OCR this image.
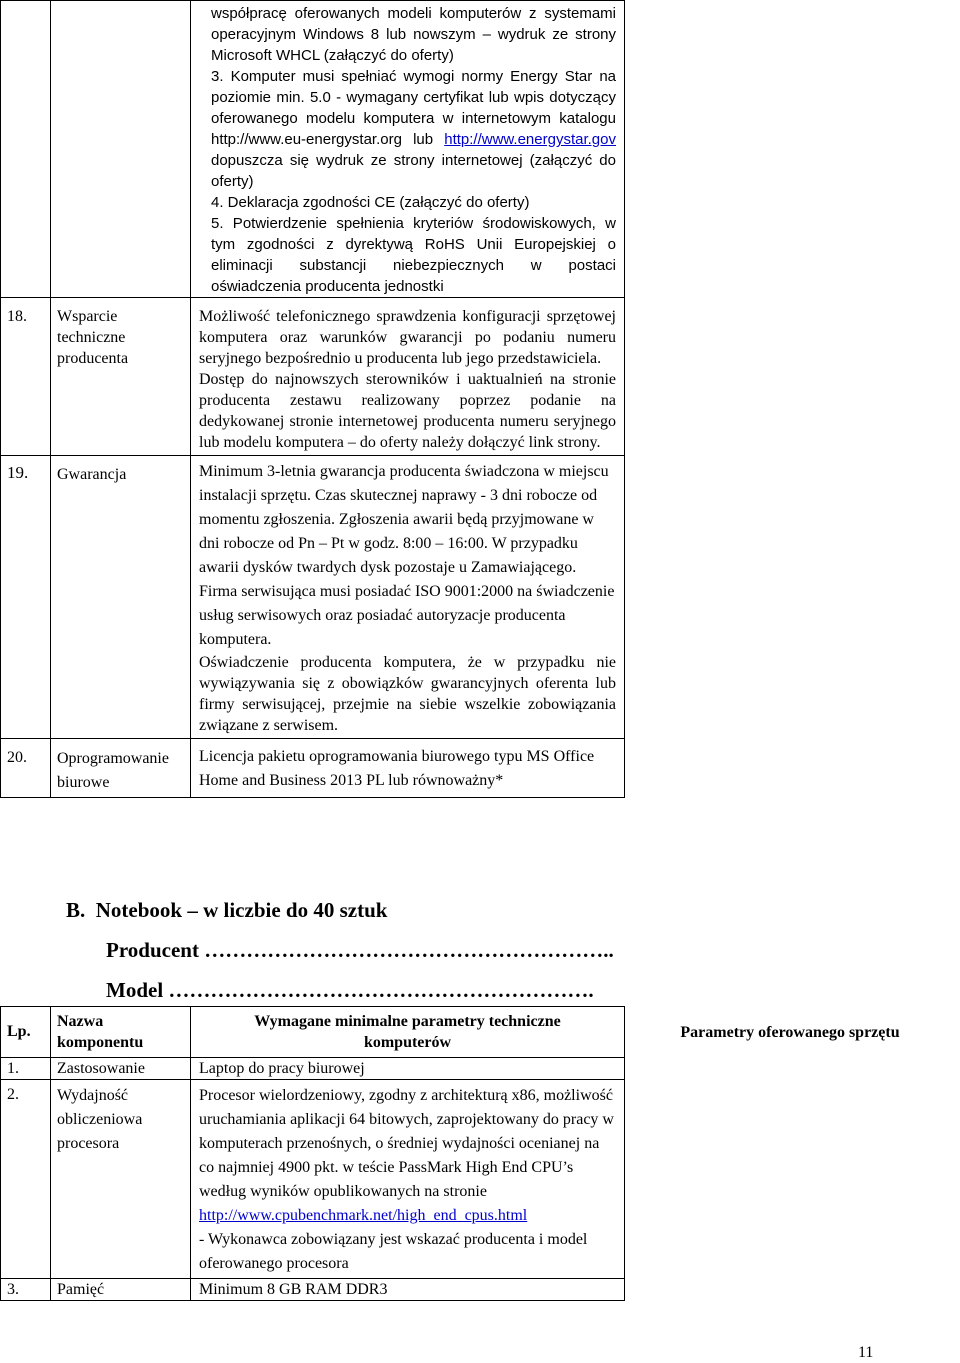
		współpracę oferowanych modeli komputerów z systemami operacyjnym Windows 8 lub nowszym – wydruk ze strony Microsoft WHCL (załączyć do oferty)
3. Komputer musi spełniać wymogi normy Energy Star na poziomie min. 5.0 - wymagany certyfikat lub wpis dotyczący oferowanego modelu komputera w internetowym katalogu http://www.eu-energystar.org lub http://www.energystar.gov dopuszcza się wydruk ze strony internetowej (załączyć do oferty)
4. Deklaracja zgodności CE (załączyć do oferty)
5. Potwierdzenie spełnienia kryteriów środowiskowych, w tym zgodności z dyrektywą RoHS Unii Europejskiej o eliminacji substancji niebezpiecznych w postaci oświadczenia producenta jednostki

18.	Wsparcie techniczne producenta	Możliwość telefonicznego sprawdzenia konfiguracji sprzętowej komputera oraz warunków gwarancji po podaniu numeru seryjnego bezpośrednio u producenta lub jego przedstawiciela.
Dostęp do najnowszych sterowników i uaktualnień na stronie producenta zestawu realizowany poprzez podanie na dedykowanej stronie internetowej producenta numeru seryjnego lub modelu komputera – do oferty należy dołączyć link strony.

19.	Gwarancja	Minimum 3-letnia gwarancja producenta świadczona w miejscu instalacji sprzętu. Czas skutecznej naprawy - 3 dni robocze od momentu zgłoszenia. Zgłoszenia awarii będą przyjmowane w dni robocze od Pn – Pt w godz. 8:00 – 16:00. W przypadku awarii dysków twardych dysk pozostaje u Zamawiającego. Firma serwisująca musi posiadać ISO 9001:2000 na świadczenie usług serwisowych oraz posiadać autoryzacje producenta komputera.
Oświadczenie producenta komputera, że w przypadku nie wywiązywania się z obowiązków gwarancyjnych oferenta lub firmy serwisującej, przejmie na siebie wszelkie zobowiązania związane z serwisem.

20.	Oprogramowanie biurowe	Licencja pakietu oprogramowania biurowego typu MS Office Home and Business 2013 PL lub równoważny*
B.  Notebook – w liczbie do 40 sztuk
Producent …………………………………………………..
Model …………………………………………………….
Lp.	Nazwa komponentu	Wymagane minimalne parametry techniczne komputerów
1.	Zastosowanie	Laptop do pracy biurowej
2.	Wydajność obliczeniowa procesora	Procesor wielordzeniowy, zgodny z architekturą x86, możliwość uruchamiania aplikacji 64 bitowych, zaprojektowany do pracy w komputerach przenośnych, o średniej wydajności ocenianej na co najmniej 4900 pkt. w teście PassMark High End CPU’s według wyników opublikowanych na stronie
http://www.cpubenchmark.net/high_end_cpus.html
- Wykonawca zobowiązany jest wskazać producenta i model oferowanego procesora

3.	Pamięć	Minimum 8 GB RAM DDR3
Parametry oferowanego sprzętu
11
